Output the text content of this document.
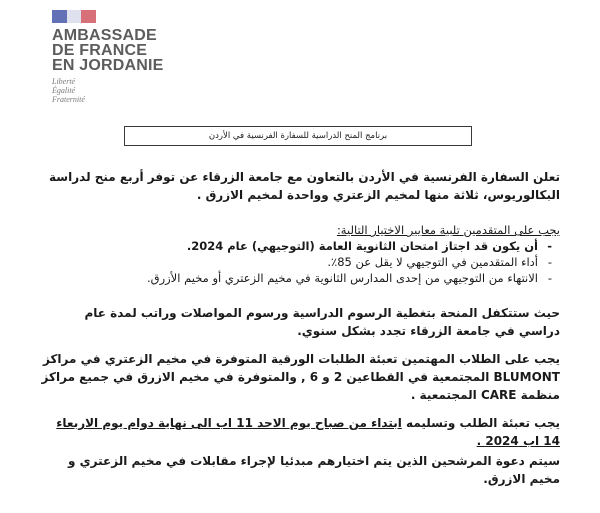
AMBASSADE
DE FRANCE
EN JORDANIE
Liberté
Égalité
Fraternité
برنامج المنح الدراسية للسفارة الفرنسية في الأردن

تعلن السفارة الفرنسية في الأردن بالتعاون مع جامعة الزرقاء عن توفر أربع منح لدراسة البكالوريوس، ثلاثة منها لمخيم الزعتري وواحدة لمخيم الازرق .

يجب على المتقدمين تلبية معايير الاختيار التالية:

- أن يكون قد اجتاز امتحان الثانوية العامة (التوجيهي) عام 2024.
- أداء المتقدمين في التوجيهي لا يقل عن 85٪.
- الانتهاء من التوجيهي من إحدى المدارس الثانوية في مخيم الزعتري أو مخيم الأزرق.

حيث ستتكفل المنحة بتغطية الرسوم الدراسية ورسوم المواصلات وراتب لمدة عام دراسي في جامعة الزرقاء تجدد بشكل سنوي.

يجب على الطلاب المهتمين تعبئة الطلبات الورقية المتوفرة في مخيم الزعتري في مراكز BLUMONT المجتمعية في القطاعين 2 و 6 , والمتوفرة في مخيم الازرق في جميع مراكز منظمة CARE المجتمعية .

يجب تعبئة الطلب وتسليمه ابتداء من صباح يوم الاحد 11 اب الى نهاية دوام يوم الاربعاء 14 اب 2024 .

سيتم دعوة المرشحين الذين يتم اختيارهم مبدئيا لإجراء مقابلات في مخيم الزعتري و مخيم الازرق.
